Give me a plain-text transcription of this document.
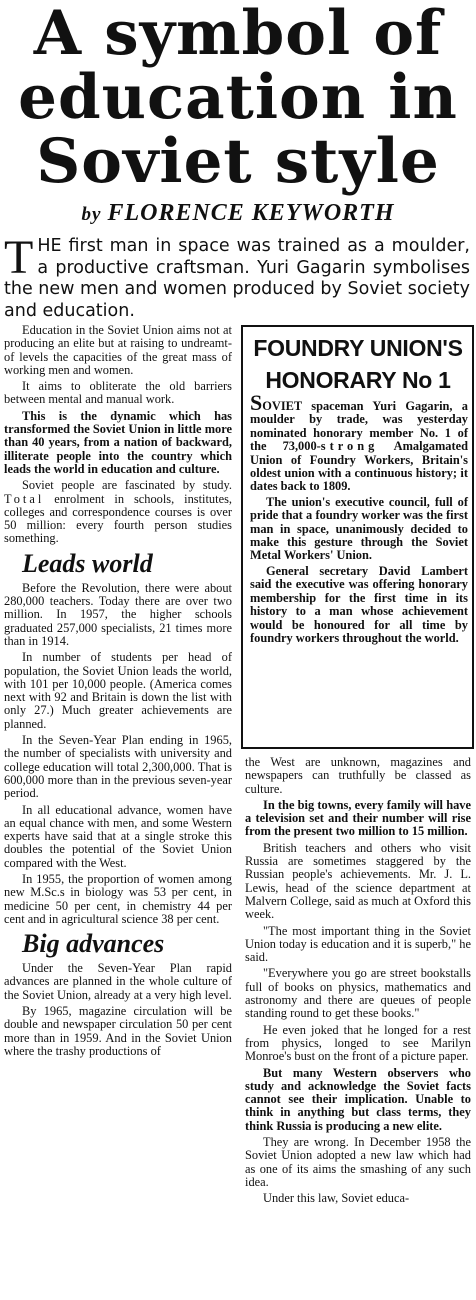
A symbol of
education in
Soviet style
by FLORENCE KEYWORTH
THE first man in space was trained as a moulder, a productive craftsman. Yuri Gagarin symbolises the new men and women produced by Soviet society and education.

Education in the Soviet Union aims not at producing an elite but at raising to undreamt-of levels the capacities of the great mass of working men and women.

It aims to obliterate the old barriers between mental and manual work.

This is the dynamic which has transformed the Soviet Union in little more than 40 years, from a nation of backward, illiterate people into the country which leads the world in education and culture.

Soviet people are fascinated by study. Total enrolment in schools, institutes, colleges and correspondence courses is over 50 million: every fourth person studies something.

Leads world

Before the Revolution, there were about 280,000 teachers. Today there are over two million. In 1957, the higher schools graduated 257,000 specialists, 21 times more than in 1914.

In number of students per head of population, the Soviet Union leads the world, with 101 per 10,000 people. (America comes next with 92 and Britain is down the list with only 27.) Much greater achievements are planned.

In the Seven-Year Plan ending in 1965, the number of specialists with university and college education will total 2,300,000. That is 600,000 more than in the previous seven-year period.

In all educational advance, women have an equal chance with men, and some Western experts have said that at a single stroke this doubles the potential of the Soviet Union compared with the West.

In 1955, the proportion of women among new M.Sc.s in biology was 53 per cent, in medicine 50 per cent, in chemistry 44 per cent and in agricultural science 38 per cent.

Big advances

Under the Seven-Year Plan rapid advances are planned in the whole culture of the Soviet Union, already at a very high level.

By 1965, magazine circulation will be double and newspaper circulation 50 per cent more than in 1959. And in the Soviet Union where the trashy productions of

FOUNDRY UNION'S
HONORARY No 1

SOVIET spaceman Yuri Gagarin, a moulder by trade, was yesterday nominated honorary member No. 1 of the 73,000-strong Amalgamated Union of Foundry Workers, Britain's oldest union with a continuous history; it dates back to 1809.

The union's executive council, full of pride that a foundry worker was the first man in space, unanimously decided to make this gesture through the Soviet Metal Workers' Union.

General secretary David Lambert said the executive was offering honorary membership for the first time in its history to a man whose achievement would be honoured for all time by foundry workers throughout the world.

the West are unknown, magazines and newspapers can truthfully be classed as culture.

In the big towns, every family will have a television set and their number will rise from the present two million to 15 million.

British teachers and others who visit Russia are sometimes staggered by the Russian people's achievements. Mr. J. L. Lewis, head of the science department at Malvern College, said as much at Oxford this week.

"The most important thing in the Soviet Union today is education and it is superb," he said.

"Everywhere you go are street bookstalls full of books on physics, mathematics and astronomy and there are queues of people standing round to get these books."

He even joked that he longed for a rest from physics, longed to see Marilyn Monroe's bust on the front of a picture paper.

But many Western observers who study and acknowledge the Soviet facts cannot see their implication. Unable to think in anything but class terms, they think Russia is producing a new elite.

They are wrong. In December 1958 the Soviet Union adopted a new law which had as one of its aims the smashing of any such idea.

Under this law, Soviet educa-
